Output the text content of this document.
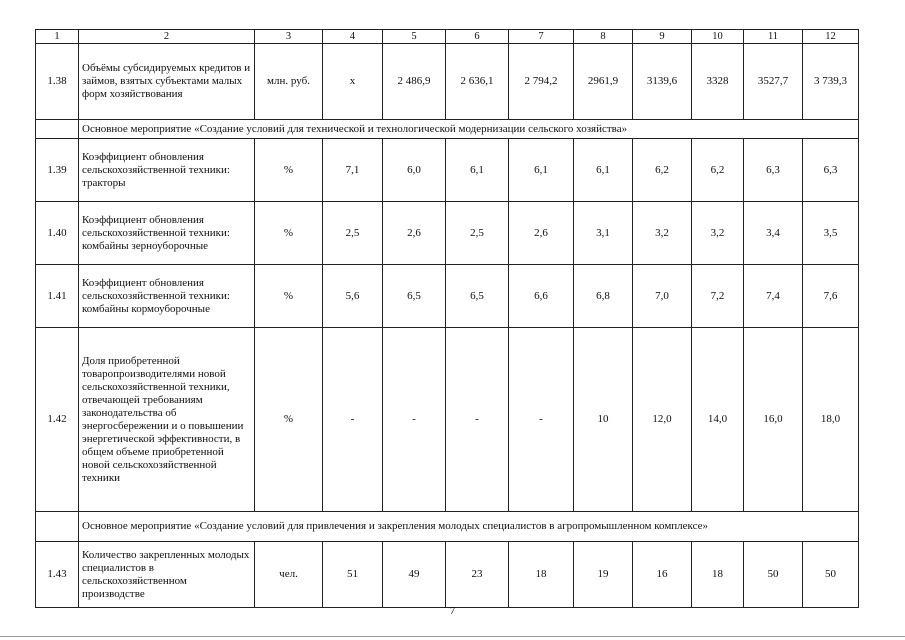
1	2	3	4	5	6	7	8	9	10	11	12
1.38	Объёмы субсидируемых кредитов и займов, взятых субъектами малых форм хозяйствования	млн. руб.	х	2 486,9	2 636,1	2 794,2	2961,9	3139,6	3328	3527,7	3 739,3
	Основное мероприятие «Создание условий для технической и технологической модернизации сельского хозяйства»										
1.39	Коэффициент обновления сельскохозяйственной техники: тракторы	%	7,1	6,0	6,1	6,1	6,1	6,2	6,2	6,3	6,3
1.40	Коэффициент обновления сельскохозяйственной техники: комбайны зерноуборочные	%	2,5	2,6	2,5	2,6	3,1	3,2	3,2	3,4	3,5
1.41	Коэффициент обновления сельскохозяйственной техники: комбайны кормоуборочные	%	5,6	6,5	6,5	6,6	6,8	7,0	7,2	7,4	7,6
1.42	Доля приобретенной товаропроизводителями новой сельскохозяйственной техники, отвечающей требованиям законодательства об энергосбережении и о повышении энергетической эффективности, в общем объеме приобретенной новой сельскохозяйственной техники	%	-	-	-	-	10	12,0	14,0	16,0	18,0
	Основное мероприятие «Создание условий для привлечения и закрепления молодых специалистов в агропромышленном комплексе»										
1.43	Количество закрепленных молодых специалистов в сельскохозяйственном производстве	чел.	51	49	23	18	19	16	18	50	50
7
